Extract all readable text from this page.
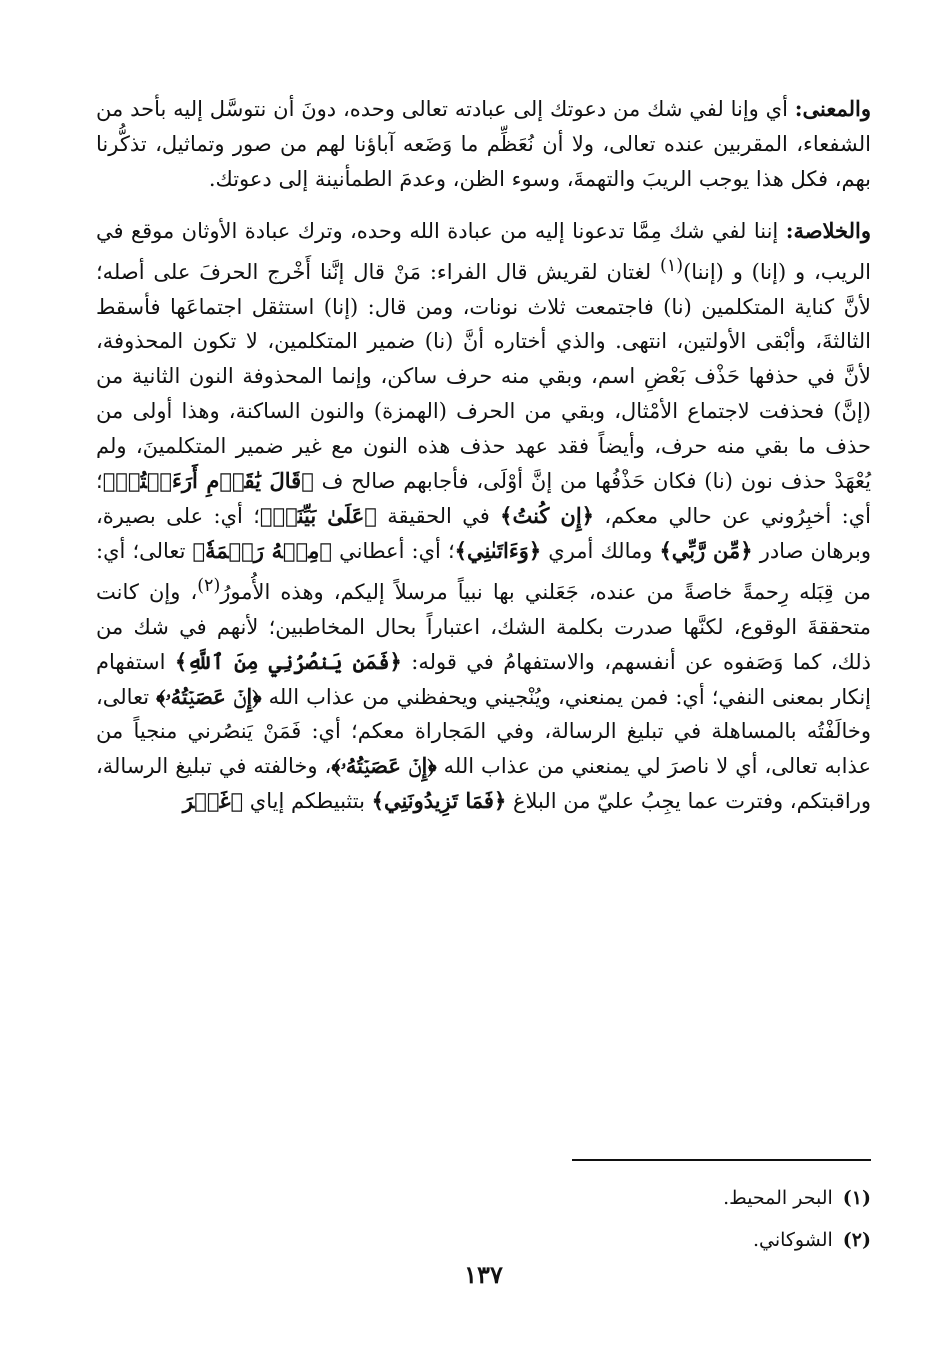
والمعنى: أي وإنا لفي شك من دعوتك إلى عبادته تعالى وحده، دونَ أن نتوسَّل إليه بأحد من الشفعاء، المقربين عنده تعالى، ولا أن نُعَظِّم ما وَضَعه آباؤنا لهم من صور وتماثيل، تذكُّرنا بهم، فكل هذا يوجب الريبَ والتهمةَ، وسوء الظن، وعدمَ الطمأنينة إلى دعوتك.

والخلاصة: إننا لفي شك مِمَّا تدعونا إليه من عبادة الله وحده، وترك عبادة الأوثان موقع في الريب، و (إنا) و (إننا)$^{(١)}$ لغتان لقريش قال الفراء: مَنْ قال إنَّنا أَخْرج الحرفَ على أصله؛ لأنَّ كناية المتكلمين (نا) فاجتمعت ثلاث نونات، ومن قال: (إنا) استثقل اجتماعَها فأسقط الثالثةَ، وأبْقى الأولتين، انتهى. والذي أختاره أنَّ (نا) ضمير المتكلمين، لا تكون المحذوفة، لأنَّ في حذفها حَذْف بَعْضِ اسم، وبقي منه حرف ساكن، وإنما المحذوفة النون الثانية من (إنَّ) فحذفت لاجتماع الأمْثال، وبقي من الحرف (الهمزة) والنون الساكنة، وهذا أولى من حذف ما بقي منه حرف، وأيضاً فقد عهد حذف هذه النون مع غير ضمير المتكلمينَ، ولم يُعْهَدْ حذف نون (نا) فكان حَذْفُها من إنَّ أوْلَى، فأجابهم صالح ف ﴿قَالَ يَٰقَوۡمِ أَرَءَيۡتُمۡ﴾؛ أي: أخبِرُوني عن حالي معكم، ﴿إِن كُنتُ﴾ في الحقيقة ﴿عَلَىٰ بَيِّنَةٖ﴾؛ أي: على بصيرة، وبرهان صادر ﴿مِّن رَّبِّي﴾ ومالك أمري ﴿وَءَاتَىٰنِي﴾؛ أي: أعطاني ﴿مِنۡهُ رَحۡمَةٗ﴾ تعالى؛ أي: من قِبَله رِحمةً خاصةً من عنده، جَعَلني بها نبياً مرسلاً إليكم، وهذه الأُمورُ$^{(٢)}$، وإن كانت متحققةَ الوقوع، لكنَّها صدرت بكلمة الشك، اعتباراً بحال المخاطبين؛ لأنهم في شك من ذلك، كما وَصَفوه عن أنفسهم، والاستفهامُ في قوله: ﴿فَمَن يَنصُرُنِي مِنَ ٱللَّهِ﴾ استفهام إنكار بمعنى النفي؛ أي: فمن يمنعني، ويُنْجيني ويحفظني من عذاب الله ﴿إِنۡ عَصَيۡتُهُۥ﴾ تعالى، وخالَفْتُه بالمساهلة في تبليغ الرسالة، وفي المَجاراة معكم؛ أي: فَمَنْ يَنصُرني منجياً من عذابه تعالى، أي لا ناصرَ لي يمنعني من عذاب الله ﴿إِنۡ عَصَيۡتُهُۥ﴾، وخالفته في تبليغ الرسالة، وراقبتكم، وفترت عما يجِبُ عليّ من البلاغ ﴿فَمَا تَزِيدُونَنِي﴾ بتثبيطكم إياي ﴿غَيۡرَ

(١)البحر المحيط.

(٢)الشوكاني.

١٣٧
